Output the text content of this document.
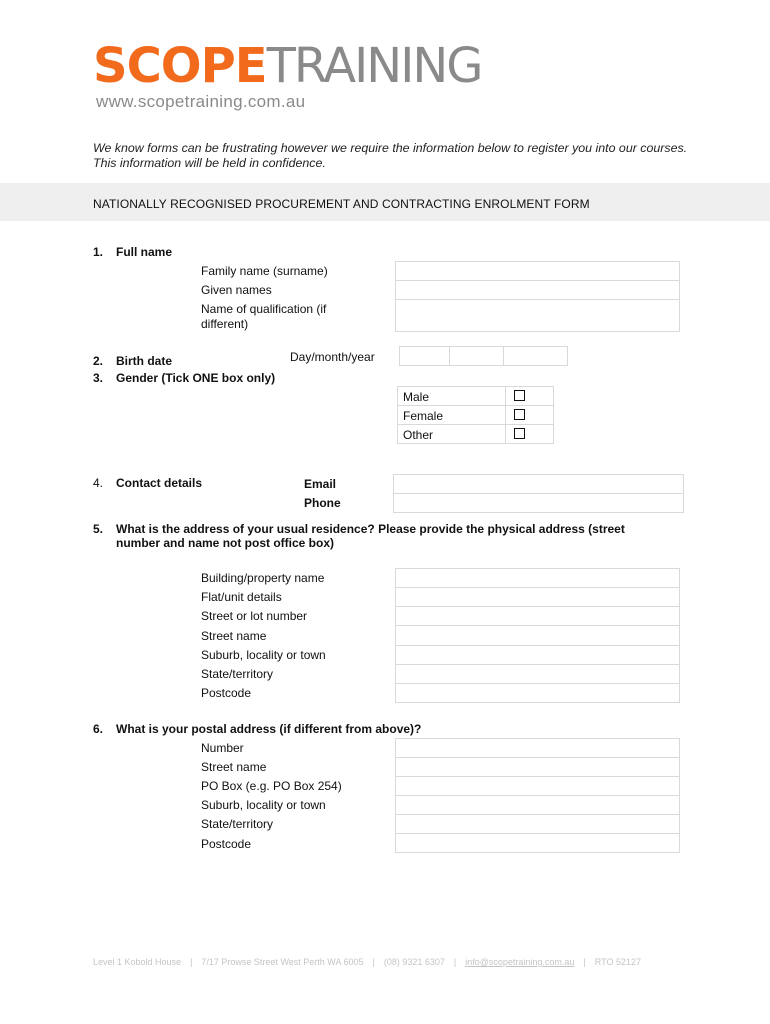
SCOPETRAINING
www.scopetraining.com.au
We know forms can be frustrating however we require the information below to register you into our courses. This information will be held in confidence.
NATIONALLY RECOGNISED PROCUREMENT AND CONTRACTING ENROLMENT FORM
1. Full name
Family name (surname)
Given names
Name of qualification (if
different)
2. Birth date	Day/month/year
3. Gender (Tick ONE box only)
Male
Female
Other
4. Contact details	Email
Phone
5. What is the address of your usual residence? Please provide the physical address (street
number and name not post office box)
Building/property name
Flat/unit details
Street or lot number
Street name
Suburb, locality or town
State/territory
Postcode
6. What is your postal address (if different from above)?
Number
Street name
PO Box (e.g. PO Box 254)
Suburb, locality or town
State/territory
Postcode
Level 1 Kobold House | 7/17 Prowse Street West Perth WA 6005 | (08) 9321 6307 | info@scopetraining.com.au | RTO 52127
